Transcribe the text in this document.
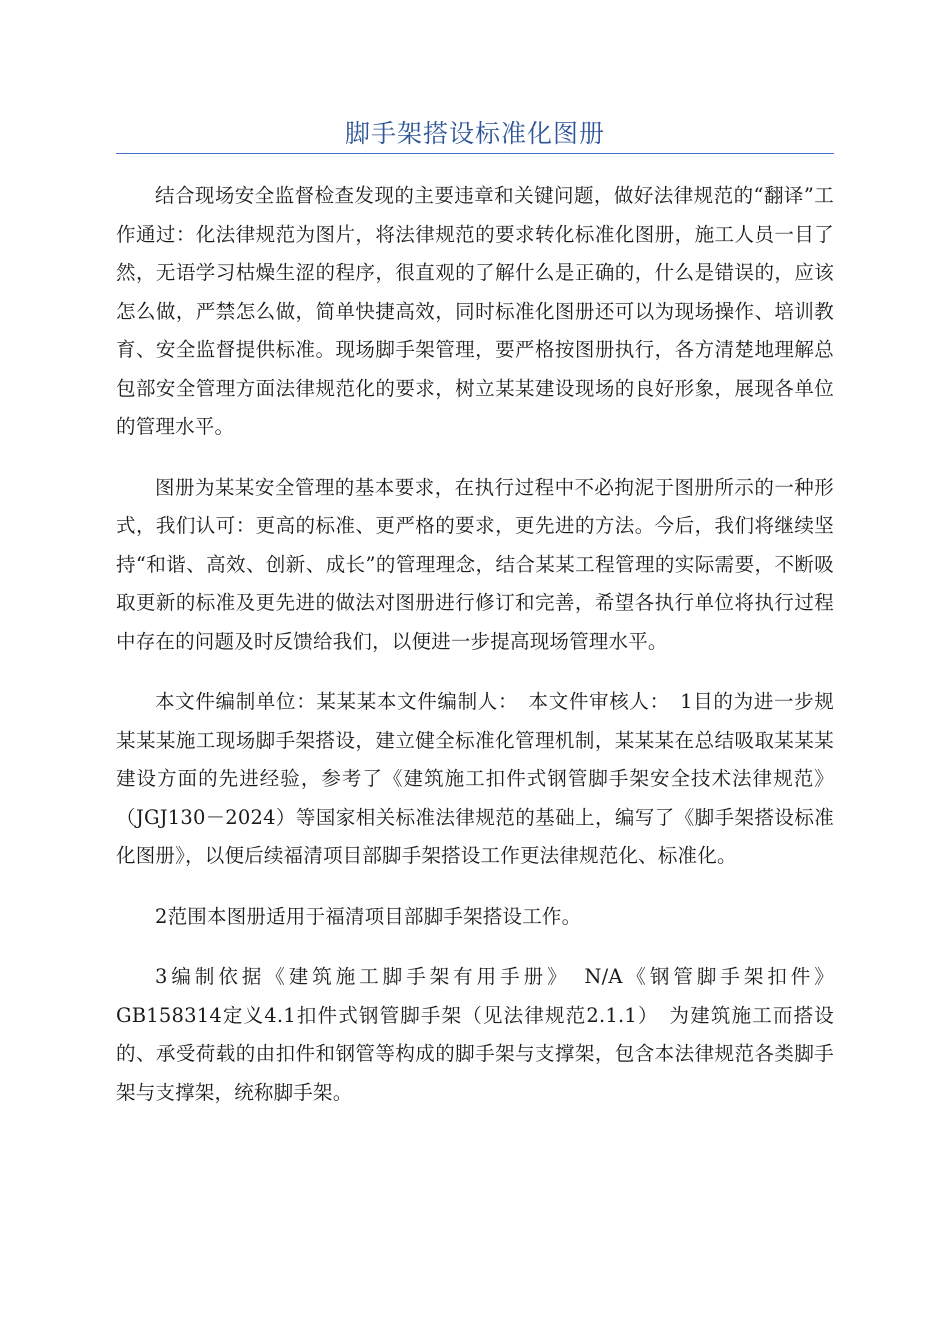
脚手架搭设标准化图册

结合现场安全监督检查发现的主要违章和关键问题，做好法律规范的“翻译”工作通过：化法律规范为图片，将法律规范的要求转化标准化图册，施工人员一目了然，无语学习枯燥生涩的程序，很直观的了解什么是正确的，什么是错误的，应该怎么做，严禁怎么做，简单快捷高效，同时标准化图册还可以为现场操作、培训教育、安全监督提供标准。现场脚手架管理，要严格按图册执行，各方清楚地理解总包部安全管理方面法律规范化的要求，树立某某建设现场的良好形象，展现各单位的管理水平。

图册为某某安全管理的基本要求，在执行过程中不必拘泥于图册所示的一种形式，我们认可：更高的标准、更严格的要求，更先进的方法。今后，我们将继续坚持“和谐、高效、创新、成长”的管理理念，结合某某工程管理的实际需要，不断吸取更新的标准及更先进的做法对图册进行修订和完善，希望各执行单位将执行过程中存在的问题及时反馈给我们，以便进一步提高现场管理水平。

本文件编制单位：某某某本文件编制人：　本文件审核人：　1目的为进一步规某某某施工现场脚手架搭设，建立健全标准化管理机制，某某某在总结吸取某某某建设方面的先进经验，参考了《建筑施工扣件式钢管脚手架安全技术法律规范》（JGJ130－2024）等国家相关标准法律规范的基础上，编写了《脚手架搭设标准化图册》，以便后续福清项目部脚手架搭设工作更法律规范化、标准化。

2范围本图册适用于福清项目部脚手架搭设工作。

3编制依据《建筑施工脚手架有用手册》　N/A《钢管脚手架扣件》GB158314定义4.1扣件式钢管脚手架（见法律规范2.1.1）　为建筑施工而搭设的、承受荷载的由扣件和钢管等构成的脚手架与支撑架，包含本法律规范各类脚手架与支撑架，统称脚手架。
